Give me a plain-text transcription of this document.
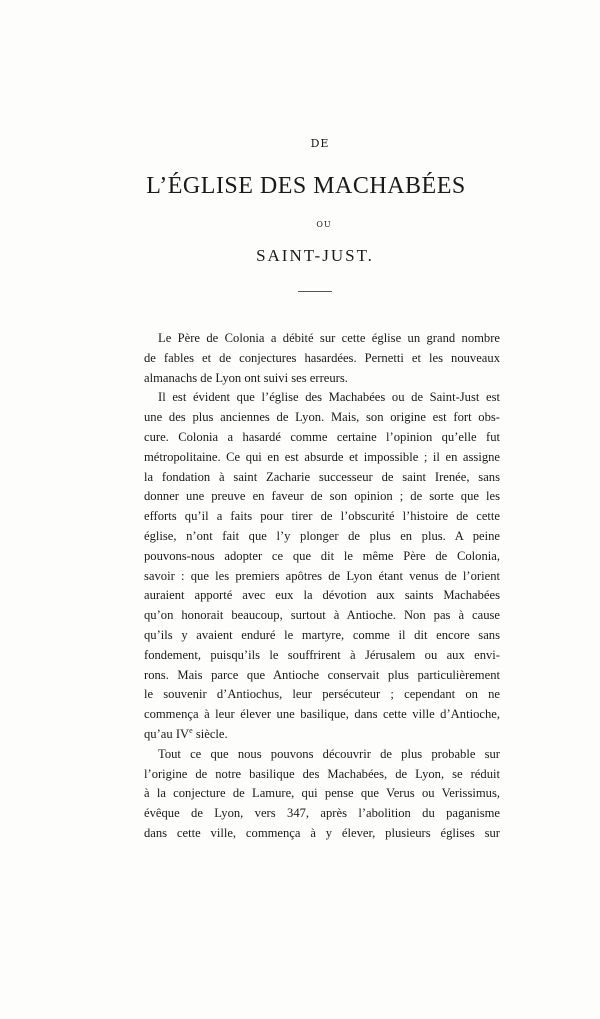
DE
L’ÉGLISE DES MACHABÉES
OU
SAINT-JUST.
Le Père de Colonia a débité sur cette église un grand nombre
de fables et de conjectures hasardées. Pernetti et les nouveaux
almanachs de Lyon ont suivi ses erreurs.
Il est évident que l’église des Machabées ou de Saint-Just est
une des plus anciennes de Lyon. Mais, son origine est fort obs-
cure. Colonia a hasardé comme certaine l’opinion qu’elle fut
métropolitaine. Ce qui en est absurde et impossible ; il en assigne
la fondation à saint Zacharie successeur de saint Irenée, sans
donner une preuve en faveur de son opinion ; de sorte que les
efforts qu’il a faits pour tirer de l’obscurité l’histoire de cette
église, n’ont fait que l’y plonger de plus en plus. A peine
pouvons-nous adopter ce que dit le même Père de Colonia,
savoir : que les premiers apôtres de Lyon étant venus de l’orient
auraient apporté avec eux la dévotion aux saints Machabées
qu’on honorait beaucoup, surtout à Antioche. Non pas à cause
qu’ils y avaient enduré le martyre, comme il dit encore sans
fondement, puisqu’ils le souffrirent à Jérusalem ou aux envi-
rons. Mais parce que Antioche conservait plus particulièrement
le souvenir d’Antiochus, leur persécuteur ; cependant on ne
commença à leur élever une basilique, dans cette ville d’Antioche,
qu’au IVe siècle.
Tout ce que nous pouvons découvrir de plus probable sur
l’origine de notre basilique des Machabées, de Lyon, se réduit
à la conjecture de Lamure, qui pense que Verus ou Verissimus,
évêque de Lyon, vers 347, après l’abolition du paganisme
dans cette ville, commença à y élever, plusieurs églises sur
